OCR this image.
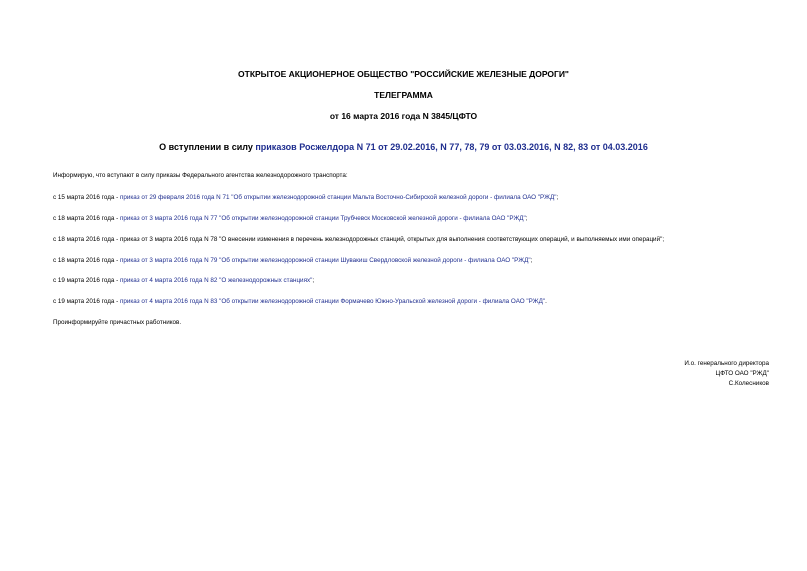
ОТКРЫТОЕ АКЦИОНЕРНОЕ ОБЩЕСТВО "РОССИЙСКИЕ ЖЕЛЕЗНЫЕ ДОРОГИ"
ТЕЛЕГРАММА
от 16 марта 2016 года N 3845/ЦФТО
О вступлении в силу приказов Росжелдора N 71 от 29.02.2016, N 77, 78, 79 от 03.03.2016, N 82, 83 от 04.03.2016
Информирую, что вступают в силу приказы Федерального агентства железнодорожного транспорта:
с 15 марта 2016 года - приказ от 29 февраля 2016 года N 71 "Об открытии железнодорожной станции Мальта Восточно-Сибирской железной дороги - филиала ОАО "РЖД";
с 18 марта 2016 года - приказ от 3 марта 2016 года N 77 "Об открытии железнодорожной станции Трубчевск Московской железной дороги - филиала ОАО "РЖД";
с 18 марта 2016 года - приказ от 3 марта 2016 года N 78 "О внесении изменения в перечень железнодорожных станций, открытых для выполнения соответствующих операций, и выполняемых ими операций";
с 18 марта 2016 года - приказ от 3 марта 2016 года N 79 "Об открытии железнодорожной станции Шувакиш Свердловской железной дороги - филиала ОАО "РЖД";
с 19 марта 2016 года - приказ от 4 марта 2016 года N 82 "О железнодорожных станциях";
с 19 марта 2016 года - приказ от 4 марта 2016 года N 83 "Об открытии железнодорожной станции Формачево Южно-Уральской железной дороги - филиала ОАО "РЖД".
Проинформируйте причастных работников.
И.о. генерального директора
ЦФТО ОАО "РЖД"
С.Колесников
